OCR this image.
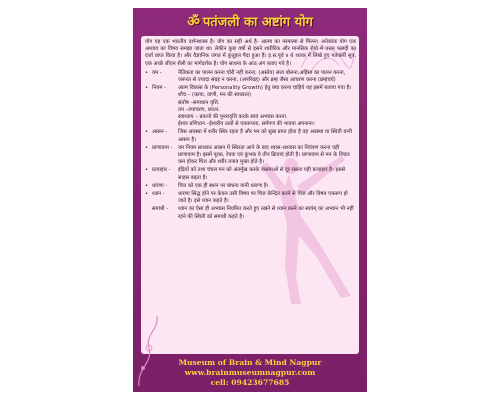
ॐ पतंजली का अष्टांग योग

योग यह एक भारतीय दर्शनशास्त्र है। योग का सही अर्थ है- आत्मा का परमात्मा से मिलन। अनेकांक योग एक अध्याय का विषय समझा जाता था। लेकीन कुछ वर्षो से इसने शारीरिक और मानसिक रोगो में उत्तम फलदी का दर्जा प्राप्त किया है। और वैज्ञानिक जगत में कुतूहल पैदा हुआ है। इ.स.पूर्व ४ थे शतक में लिखे हुए पतंजली सूत्र, एक अच्छे जीवन शैली का मार्गदर्शक है। योग साधना के आठ अंग बताए गये है।

• यम -	नैतिकता का पालन करना चोरी नहीं करना, (अस्तेय) सत्य बोलना,अहिंसा का पालन करना, जरूरत से ज्यादा संग्रह न करना, (अपरिग्रह) और ब्रम्ह जैसा आचरण करना (ब्रम्हचर्य)
• नियम -	आत्म विकास के (Personality Growth) हेतु क्या करना चाहिये यह इसमें बताया गया है।
शौच – (काया, वाणी, मन की स्वच्छता)
संतोष –समाधान वृत्ति.
तप –तपाचरण, प्रयत्न.
स्वाध्याय – प्रयत्नो की पुनरावृत्ति करके स्वयं अभ्यास करना.
ईश्वर प्रणिधान –ईश्वरीय तत्वों से एकरूपता, सर्मपण की भावना अपनाना।
• आसन -	जिस अवस्था में शरीर स्थिर रहता है और मन को सुख प्राप्त होता है वह अवस्था या स्थिती यानी आसन है।
• प्राणायाम -	यम नियम साधकर आसन में स्थिरता आने के बाद श्वास–प्रश्वास का नियंत्रण करना यही प्राणायाम है। इसमें पूरक, रेचक एवं कुंभक ये तीन क्रियाएं होती है। प्राणायाम से मन के विचार कम होकर चित्त और शरीर तनाव मुक्त होते है।
• प्रत्याहार -	इंद्रियों को तथा चंचल मन को अंतर्मुख करके वासनाओं से दूर रखना यही प्रत्याहार है। इससे साहस बढ़ता है।
• धारणा -	चित्त को एक ही स्थान पर बांधना यानी धारणा है।
• ध्यान -	धारणा सिद्ध होने पर केवल उसी विषय पर चित्त केन्द्रित करने से चित्त और विषय एकरूप हो जाते है। इसे ध्यान कहते है।
समाधी -	ध्यान का ऐसा ही अभ्यास नियमित करते हुए रखने से ध्यान करने का स्वयंम् का अभ्यान भी नहीं रहने की स्थिती को समाधी कहते है।
Museum of Brain & Mind Nagpur
www.brainmuseumnagpur.com
cell: 09423677685
